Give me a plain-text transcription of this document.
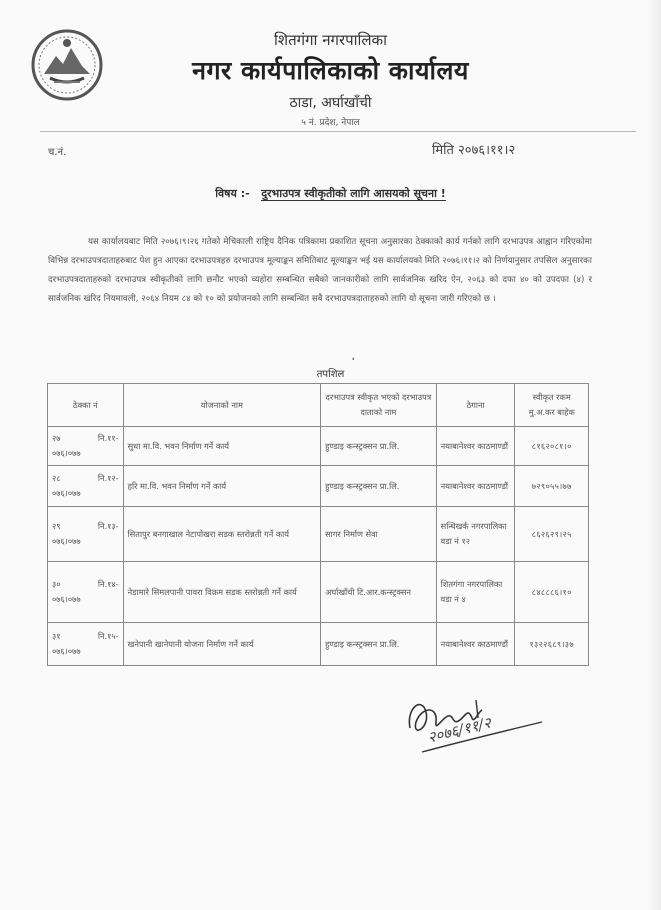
शितगंगा नगरपालिका
नगर कार्यपालिकाको कार्यालय
ठाडा, अर्घाखाँची
५ नं. प्रदेश, नेपाल
च.नं.	मिति २०७६।११।२
विषय :- दुरभाउपत्र स्वीकृतीको लागि आसयको सूचना !
यस कार्यालयबाट मिति २०७६।९।२६ गतेको मेचिकाली राष्ट्रिय दैनिक पत्रिकामा प्रकाशित सूचना अनुसारका ठेक्काको कार्य गर्नको लागि दरभाउपत्र आह्वान गरिएकोमा विभिन्न दरभाउपत्रदाताहरुबाट पेश हुन आएका दरभाउपत्रहरु दरभाउपत्र मूल्याङ्कन समितिबाट मूल्याङ्कन भई यस कार्यालयको मिति २०७६।११।२ को निर्णयानुसार तपसिल अनुसारका दरभाउपत्रदाताहरुको दरभाउपत्र स्वीकृतीको लागि छनौट भएको व्यहोरा सम्बन्धित सबैको जानकारीको लागि सार्वजनिक खरिद ऐन, २०६३ को दफा ४० को उपदफा (४) र सार्वजनिक खरिद नियमावली, २०६४ नियम ८४ को १० को प्रयोजनको लागि सम्बन्धित सबै दरभाउपत्रदाताहरुको लागि यो सूचना जारी गरिएको छ ।
❛
तपशिल
ठेक्का नं	योजनाको नाम	दरभाउपत्र स्वीकृत भएको दरभाउपत्र दाताको नाम	ठेगाना	स्वीकृत रकम मु.अ.कर बाहेक

२७ नि.११-
०७६।०७७	सुधा मा.वि. भवन निर्माण गर्ने कार्य	हुण्डाइ कन्स्ट्रक्सन प्रा.लि.	नयाबानेश्वर काठमाण्डौं	८१६२०८१।०

२८ नि.१२-
०७६।०७७	हरि मा.वि. भवन निर्माण गर्ने कार्य	हुण्डाइ कन्स्ट्रक्सन प्रा.लि.	नयाबानेश्वर काठमाण्डौं	७२९०५५।७७

२९ नि.१३-
०७६।०७७	सितापुर बनगाखाल नेटापोखरा सडक स्तरोन्नती गर्ने कार्य	सागर निर्माण सेवा	सन्धिखर्क नगरपालिका वडा नं १२	८६२६२९।२५

३० नि.१४-
०७६।०७७	नेडामारे सिमलपानी पावरा विक्रम सडक स्तरोन्नती गर्ने कार्य	अर्घाखाँची टि.आर.कन्स्ट्रक्सन	शितगंगा नगरपालिका वडा नं ४	८४८८८६।१०

३१ नि.१५-
०७६।०७७	खनेपानी खानेपानी योजना निर्माण गर्ने कार्य	हुण्डाइ कन्स्ट्रक्सन प्रा.लि.	नयाबानेश्वर काठमाण्डौं	१३२२६८९।३७
२०७६/११/२
